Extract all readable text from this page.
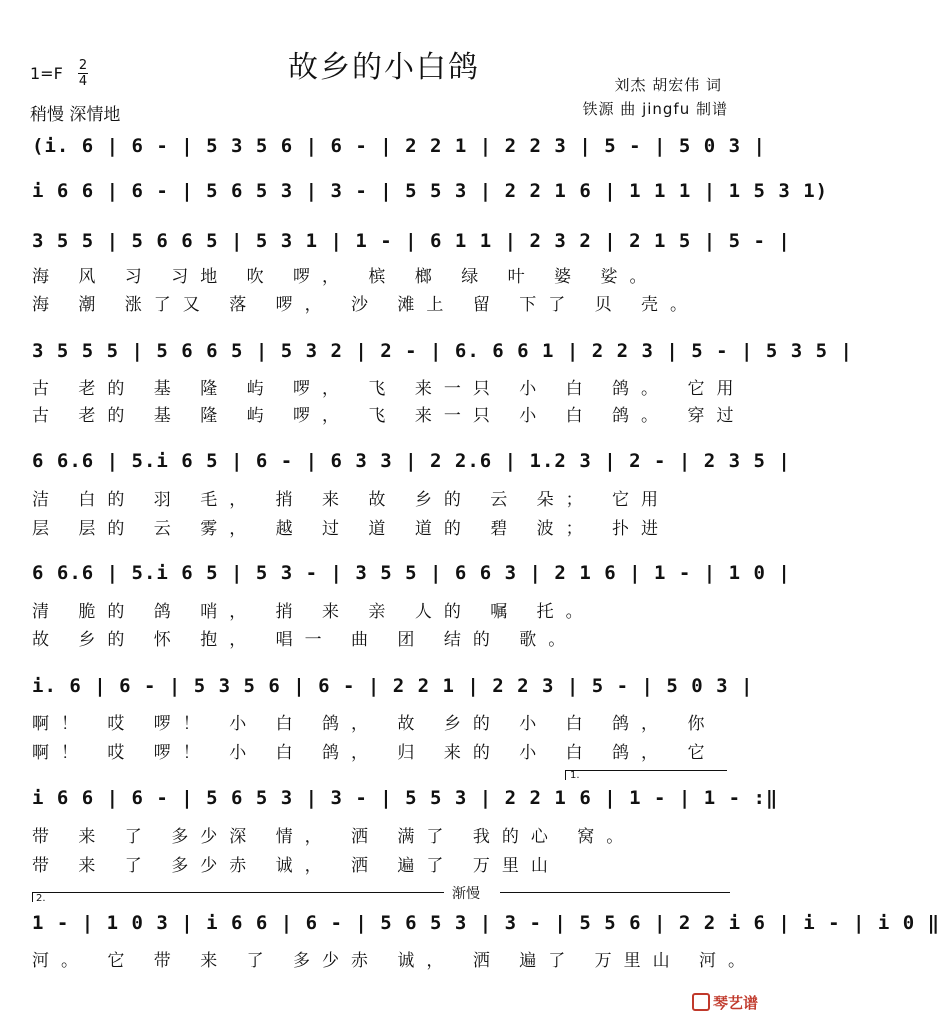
故乡的小白鸽
1=F 2
4
稍慢 深情地
刘杰 胡宏伟 词
铁源 曲 jingfu 制谱
(i. 6 | 6 - | 5 3 5 6 | 6 - | 2 2 1 | 2 2 3 | 5 - | 5 0 3 |
i 6 6 | 6 - | 5 6 5 3 | 3 - | 5 5 3 | 2 2 1 6 | 1 1 1 | 1 5 3 1)
3 5 5 | 5 6 6 5 | 5 3 1 | 1 - | 6 1 1 | 2 3 2 | 2 1 5 | 5 - |
海 风 习 习地 吹 啰， 槟 榔 绿 叶 婆 娑。
海 潮 涨了又 落 啰， 沙 滩上 留 下了 贝 壳。
3 5 5 5 | 5 6 6 5 | 5 3 2 | 2 - | 6. 6 6 1 | 2 2 3 | 5 - | 5 3 5 |
古 老的 基 隆 屿 啰， 飞 来一只 小 白 鸽。 它用
古 老的 基 隆 屿 啰， 飞 来一只 小 白 鸽。 穿过
6 6.6 | 5.i 6 5 | 6 - | 6 3 3 | 2 2.6 | 1.2 3 | 2 - | 2 3 5 |
洁 白的 羽 毛， 捎 来 故 乡的 云 朵； 它用
层 层的 云 雾， 越 过 道 道的 碧 波； 扑进
6 6.6 | 5.i 6 5 | 5 3 - | 3 5 5 | 6 6 3 | 2 1 6 | 1 - | 1 0 |
清 脆的 鸽 哨， 捎 来 亲 人的 嘱 托。
故 乡的 怀 抱， 唱一 曲 团 结的 歌。
i. 6 | 6 - | 5 3 5 6 | 6 - | 2 2 1 | 2 2 3 | 5 - | 5 0 3 |
啊！ 哎 啰！ 小 白 鸽， 故 乡的 小 白 鸽， 你
啊！ 哎 啰！ 小 白 鸽， 归 来的 小 白 鸽， 它
1.
i 6 6 | 6 - | 5 6 5 3 | 3 - | 5 5 3 | 2 2 1 6 | 1 - | 1 - :‖
带 来 了 多少深 情， 洒 满了 我的心 窝。
带 来 了 多少赤 诚， 洒 遍了 万里山
2.	渐慢
1 - | 1 0 3 | i 6 6 | 6 - | 5 6 5 3 | 3 - | 5 5 6 | 2 2 i 6 | i - | i 0 ‖
河。 它 带 来 了 多少赤 诚， 洒 遍了 万里山 河。
琴艺谱
